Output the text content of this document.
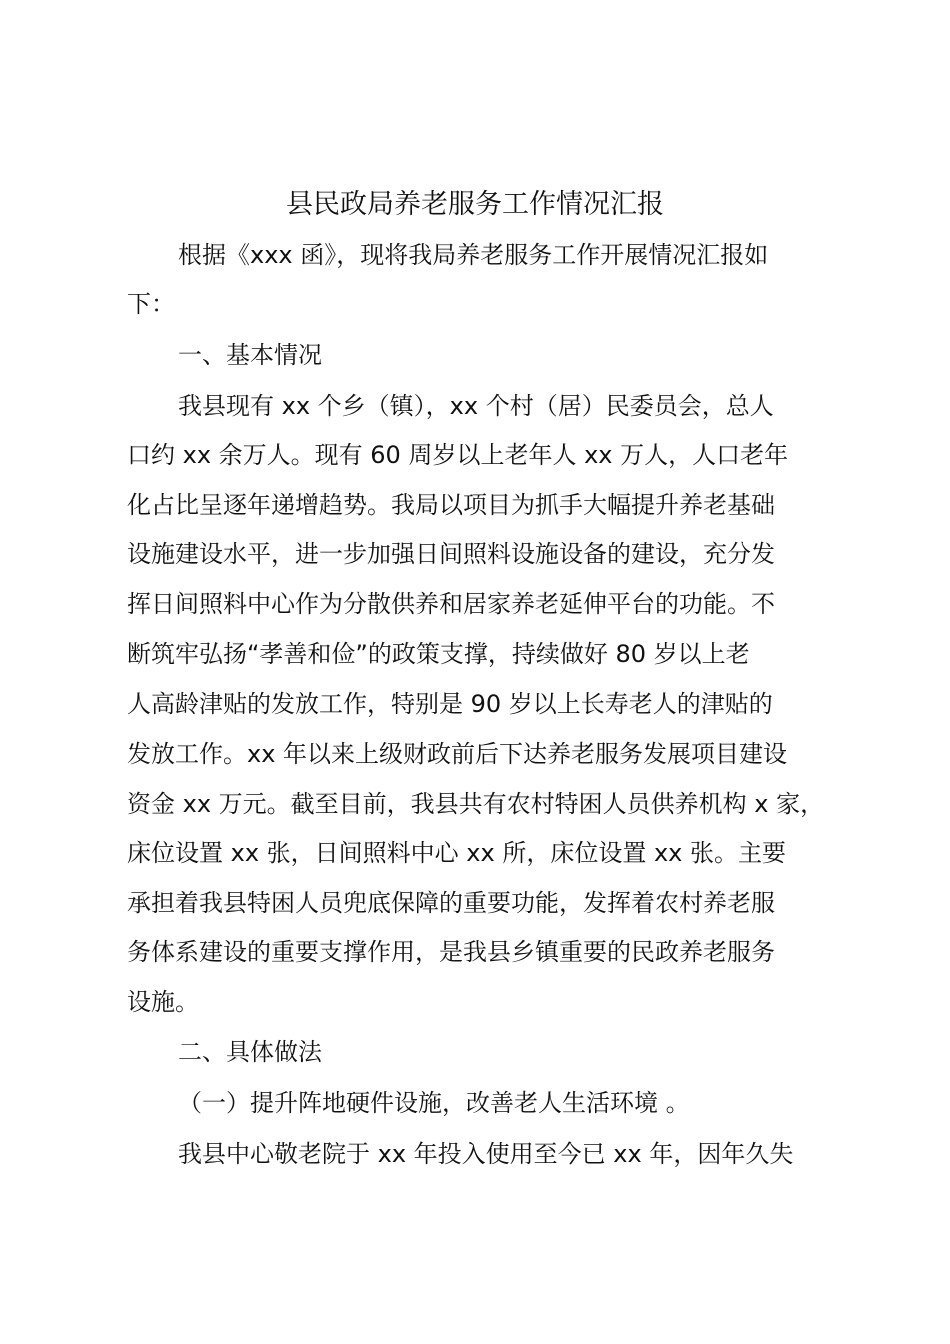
县民政局养老服务工作情况汇报
根据《xxx 函》，现将我局养老服务工作开展情况汇报如
下：
一、基本情况
我县现有 xx 个乡（镇），xx 个村（居）民委员会，总人
口约 xx 余万人。现有 60 周岁以上老年人 xx 万人，人口老年
化占比呈逐年递增趋势。我局以项目为抓手大幅提升养老基础
设施建设水平，进一步加强日间照料设施设备的建设，充分发
挥日间照料中心作为分散供养和居家养老延伸平台的功能。不
断筑牢弘扬“孝善和俭”的政策支撑，持续做好 80 岁以上老
人高龄津贴的发放工作，特别是 90 岁以上长寿老人的津贴的
发放工作。xx 年以来上级财政前后下达养老服务发展项目建设
资金 xx 万元。截至目前，我县共有农村特困人员供养机构 x 家，
床位设置 xx 张，日间照料中心 xx 所，床位设置 xx 张。主要
承担着我县特困人员兜底保障的重要功能，发挥着农村养老服
务体系建设的重要支撑作用，是我县乡镇重要的民政养老服务
设施。
二、具体做法
（一）提升阵地硬件设施，改善老人生活环境 。
我县中心敬老院于 xx 年投入使用至今已 xx 年，因年久失
